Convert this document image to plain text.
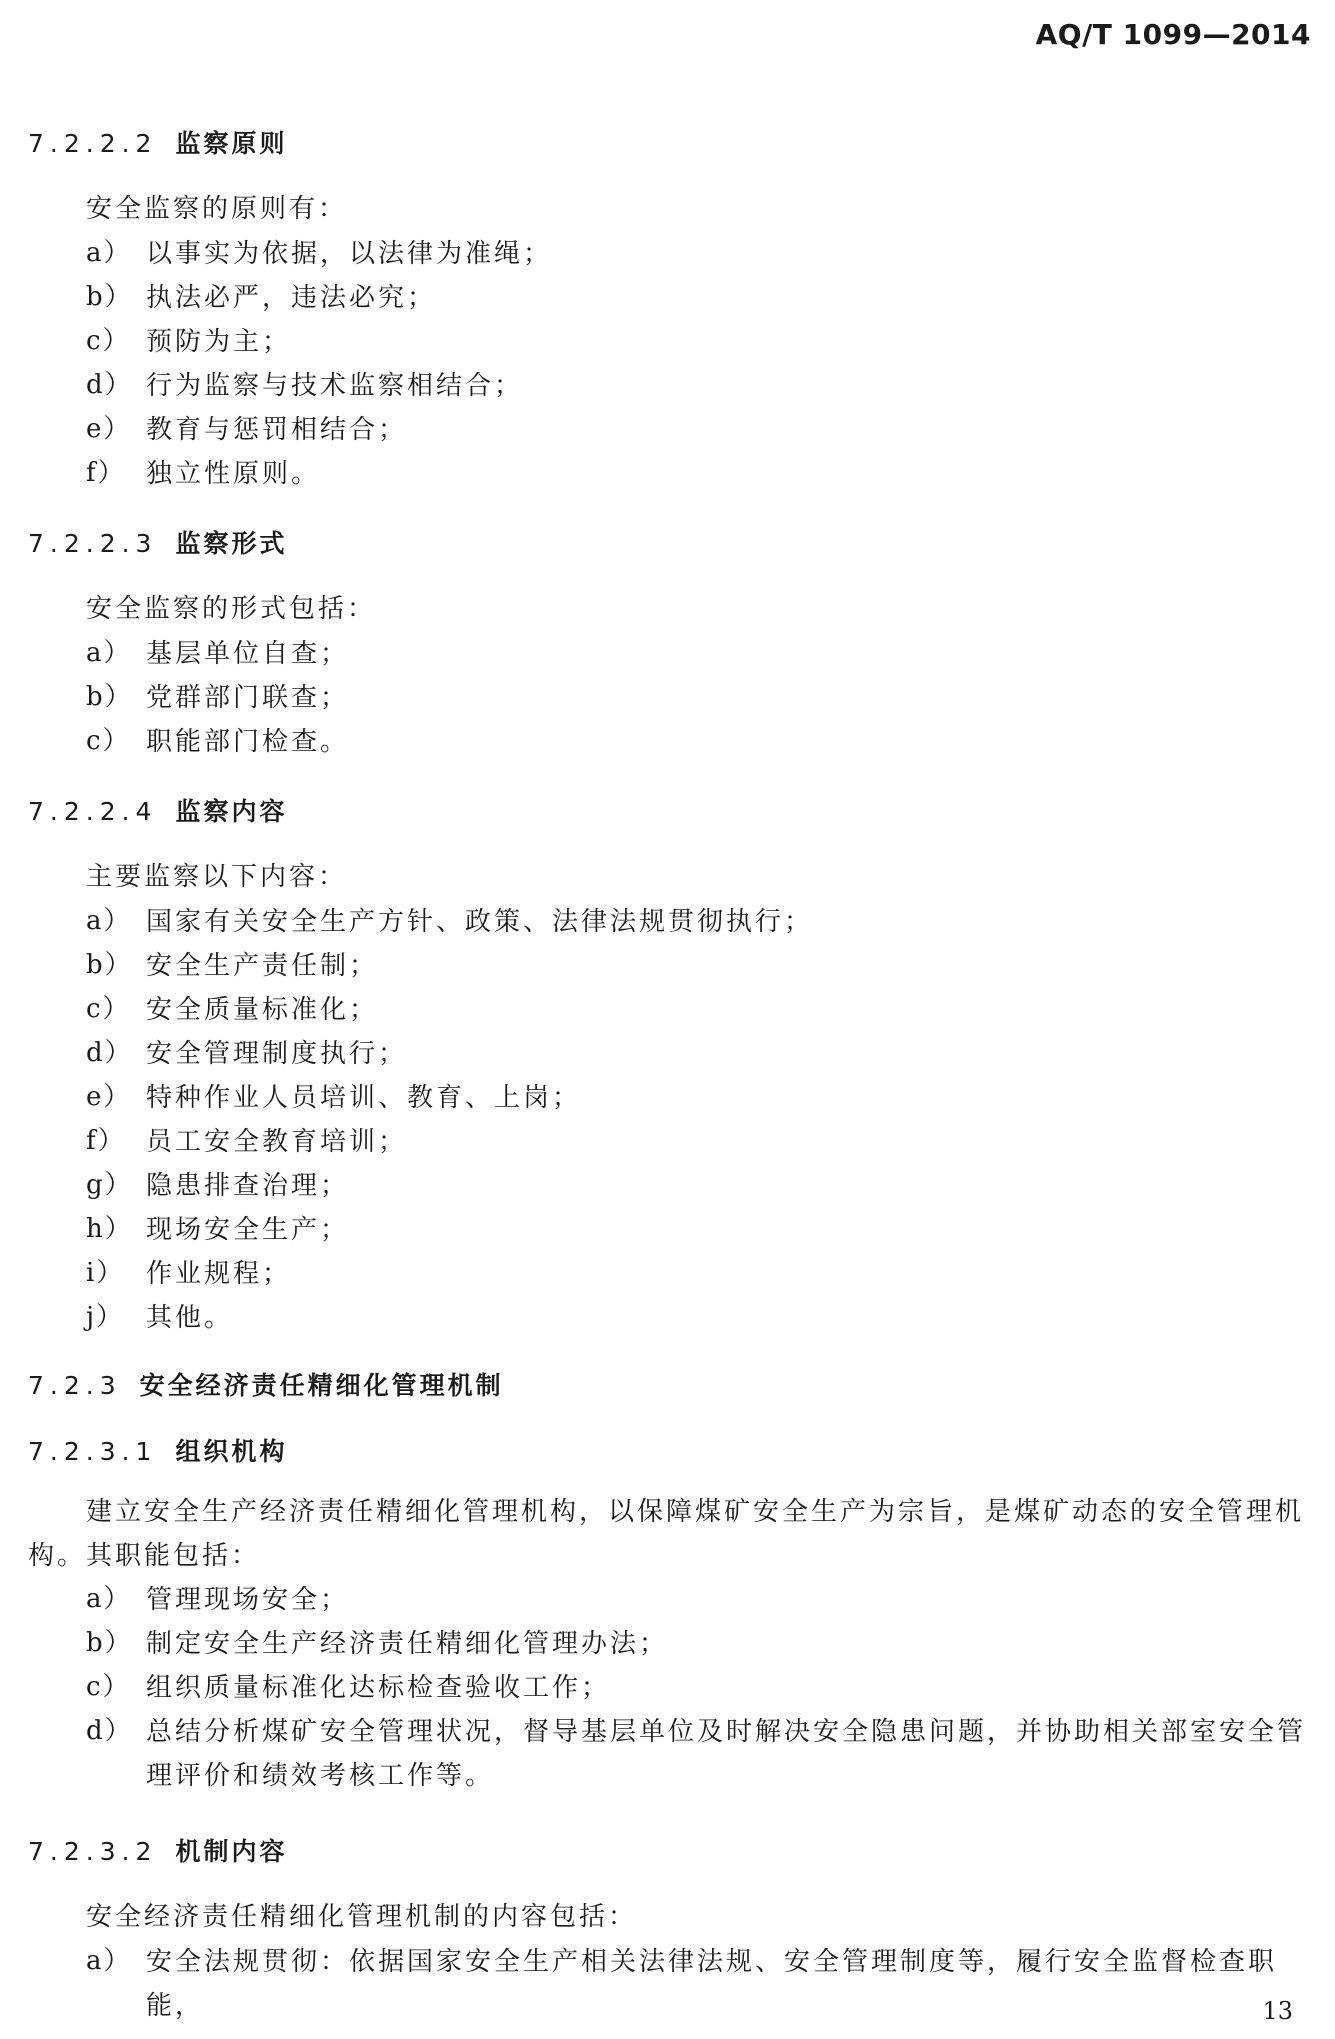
AQ/T 1099—2014
7.2.2.2 监察原则
安全监察的原则有：
a） 以事实为依据，以法律为准绳；
b） 执法必严，违法必究；
c） 预防为主；
d） 行为监察与技术监察相结合；
e） 教育与惩罚相结合；
f） 独立性原则。
7.2.2.3 监察形式
安全监察的形式包括：
a） 基层单位自查；
b） 党群部门联查；
c） 职能部门检查。
7.2.2.4 监察内容
主要监察以下内容：
a） 国家有关安全生产方针、政策、法律法规贯彻执行；
b） 安全生产责任制；
c） 安全质量标准化；
d） 安全管理制度执行；
e） 特种作业人员培训、教育、上岗；
f） 员工安全教育培训；
g） 隐患排查治理；
h） 现场安全生产；
i） 作业规程；
j） 其他。
7.2.3 安全经济责任精细化管理机制
7.2.3.1 组织机构
建立安全生产经济责任精细化管理机构，以保障煤矿安全生产为宗旨，是煤矿动态的安全管理机构。其职能包括：
a） 管理现场安全；
b） 制定安全生产经济责任精细化管理办法；
c） 组织质量标准化达标检查验收工作；
d） 总结分析煤矿安全管理状况，督导基层单位及时解决安全隐患问题，并协助相关部室安全管理评价和绩效考核工作等。
7.2.3.2 机制内容
安全经济责任精细化管理机制的内容包括：
a） 安全法规贯彻：依据国家安全生产相关法律法规、安全管理制度等，履行安全监督检查职能，	13
